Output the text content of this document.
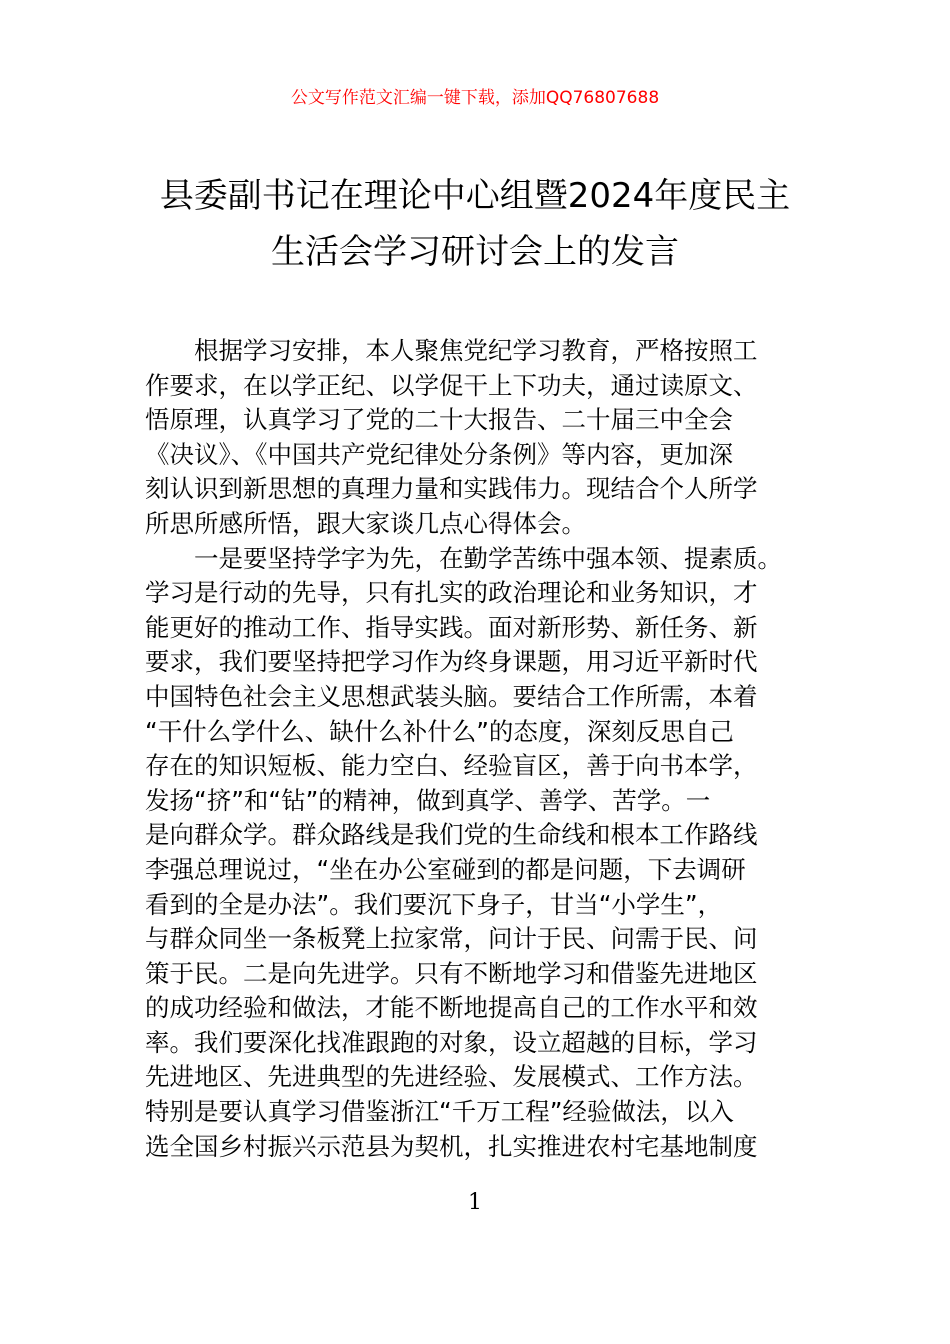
公文写作范文汇编一键下载，添加QQ76807688

县委副书记在理论中心组暨2024年度民主
生活会学习研讨会上的发言
根据学习安排，本人聚焦党纪学习教育，严格按照工
作要求，在以学正纪、以学促干上下功夫，通过读原文、
悟原理，认真学习了党的二十大报告、二十届三中全会
《决议》、《中国共产党纪律处分条例》等内容，更加深
刻认识到新思想的真理力量和实践伟力。现结合个人所学
所思所感所悟，跟大家谈几点心得体会。
一是要坚持学字为先，在勤学苦练中强本领、提素质。
学习是行动的先导，只有扎实的政治理论和业务知识，才
能更好的推动工作、指导实践。面对新形势、新任务、新
要求，我们要坚持把学习作为终身课题，用习近平新时代
中国特色社会主义思想武装头脑。要结合工作所需，本着
“干什么学什么、缺什么补什么”的态度，深刻反思自己
存在的知识短板、能力空白、经验盲区，善于向书本学，
发扬“挤”和“钻”的精神，做到真学、善学、苦学。一
是向群众学。群众路线是我们党的生命线和根本工作路线
李强总理说过，“坐在办公室碰到的都是问题，下去调研
看到的全是办法”。我们要沉下身子，甘当“小学生”，
与群众同坐一条板凳上拉家常，问计于民、问需于民、问
策于民。二是向先进学。只有不断地学习和借鉴先进地区
的成功经验和做法，才能不断地提高自己的工作水平和效
率。我们要深化找准跟跑的对象，设立超越的目标，学习
先进地区、先进典型的先进经验、发展模式、工作方法。
特别是要认真学习借鉴浙江“千万工程”经验做法，以入
选全国乡村振兴示范县为契机，扎实推进农村宅基地制度

1
